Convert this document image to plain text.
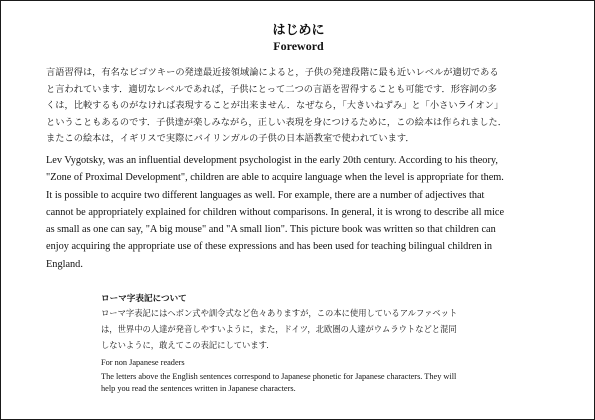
はじめに
Foreword
言語習得は，有名なビゴツキーの発達最近接領域論によると，子供の発達段階に最も近いレベルが適切である
と言われています．適切なレベルであれば，子供にとって二つの言語を習得することも可能です．形容詞の多
くは，比較するものがなければ表現することが出来ません．なぜなら，「大きいねずみ」と「小さいライオン」
ということもあるのです．子供達が楽しみながら，正しい表現を身につけるために，この絵本は作られました．
またこの絵本は，イギリスで実際にバイリンガルの子供の日本語教室で使われています．
Lev Vygotsky, was an influential development psychologist in the early 20th century. According to his theory,
"Zone of Proximal Development", children are able to acquire language when the level is appropriate for them.
It is possible to acquire two different languages as well. For example, there are a number of adjectives that
cannot be appropriately explained for children without comparisons. In general, it is wrong to describe all mice
as small as one can say, "A big mouse" and "A small lion". This picture book was written so that children can
enjoy acquiring the appropriate use of these expressions and has been used for teaching bilingual children in
England.
ローマ字表記について
ローマ字表記にはヘボン式や訓令式など色々ありますが，この本に使用しているアルファベット
は，世界中の人達が発音しやすいように，また，ドイツ，北欧圏の人達がウムラウトなどと混同
しないように，敢えてこの表記にしています．
For non Japanese readers
The letters above the English sentences correspond to Japanese phonetic for Japanese characters. They will
help you read the sentences written in Japanese characters.
